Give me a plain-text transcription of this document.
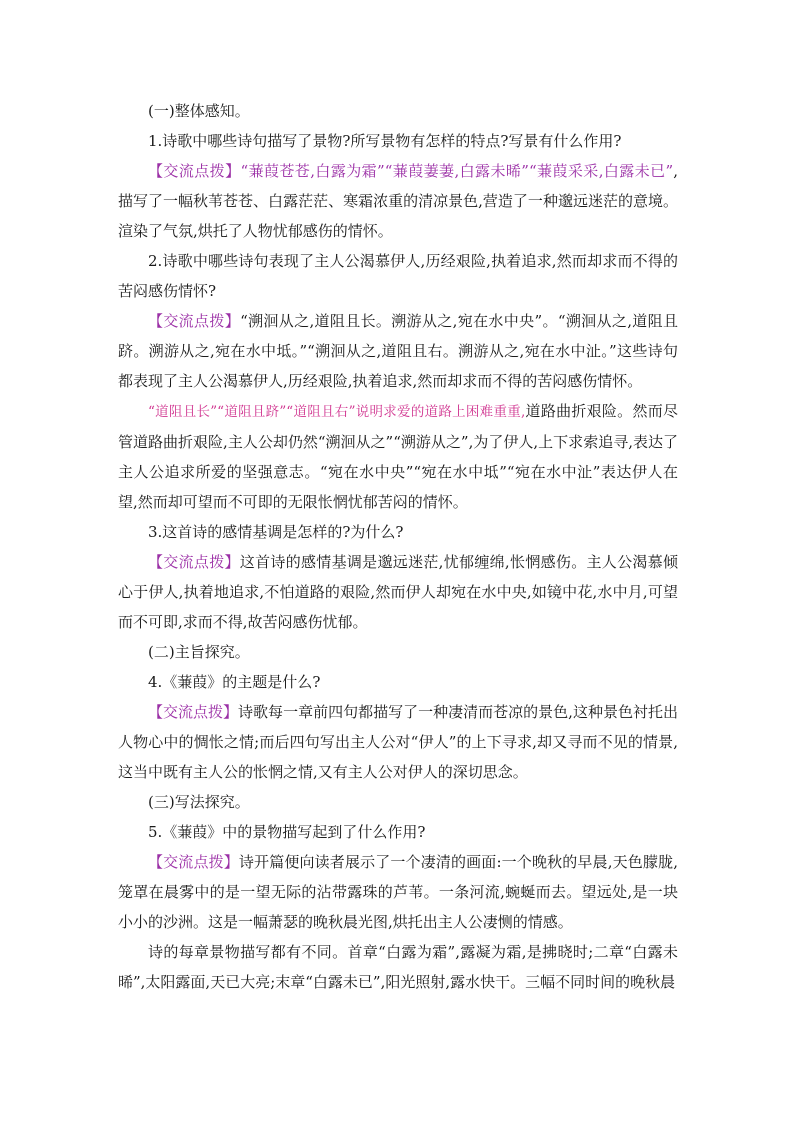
(一)整体感知。

1.诗歌中哪些诗句描写了景物?所写景物有怎样的特点?写景有什么作用?

【交流点拨】“蒹葭苍苍,白露为霜”“蒹葭萋萋,白露未晞”“蒹葭采采,白露未已”,描写了一幅秋苇苍苍、白露茫茫、寒霜浓重的清凉景色,营造了一种邈远迷茫的意境。渲染了气氛,烘托了人物忧郁感伤的情怀。

2.诗歌中哪些诗句表现了主人公渴慕伊人,历经艰险,执着追求,然而却求而不得的苦闷感伤情怀?

【交流点拨】“溯洄从之,道阻且长。溯游从之,宛在水中央”。“溯洄从之,道阻且跻。溯游从之,宛在水中坻。”“溯洄从之,道阻且右。溯游从之,宛在水中沚。”这些诗句都表现了主人公渴慕伊人,历经艰险,执着追求,然而却求而不得的苦闷感伤情怀。

“道阻且长”“道阻且跻”“道阻且右”说明求爱的道路上困难重重,道路曲折艰险。然而尽管道路曲折艰险,主人公却仍然“溯洄从之”“溯游从之”,为了伊人,上下求索追寻,表达了主人公追求所爱的坚强意志。“宛在水中央”“宛在水中坻”“宛在水中沚”表达伊人在望,然而却可望而不可即的无限怅惘忧郁苦闷的情怀。

3.这首诗的感情基调是怎样的?为什么?

【交流点拨】这首诗的感情基调是邈远迷茫,忧郁缠绵,怅惘感伤。主人公渴慕倾心于伊人,执着地追求,不怕道路的艰险,然而伊人却宛在水中央,如镜中花,水中月,可望而不可即,求而不得,故苦闷感伤忧郁。

(二)主旨探究。

4.《蒹葭》的主题是什么?

【交流点拨】诗歌每一章前四句都描写了一种凄清而苍凉的景色,这种景色衬托出人物心中的惆怅之情;而后四句写出主人公对“伊人”的上下寻求,却又寻而不见的情景,这当中既有主人公的怅惘之情,又有主人公对伊人的深切思念。

(三)写法探究。

5.《蒹葭》中的景物描写起到了什么作用?

【交流点拨】诗开篇便向读者展示了一个凄清的画面:一个晚秋的早晨,天色朦胧,笼罩在晨雾中的是一望无际的沾带露珠的芦苇。一条河流,蜿蜒而去。望远处,是一块小小的沙洲。这是一幅萧瑟的晚秋晨光图,烘托出主人公凄恻的情感。

诗的每章景物描写都有不同。首章“白露为霜”,露凝为霜,是拂晓时;二章“白露未晞”,太阳露面,天已大亮;末章“白露未已”,阳光照射,露水快干。三幅不同时间的晚秋晨
